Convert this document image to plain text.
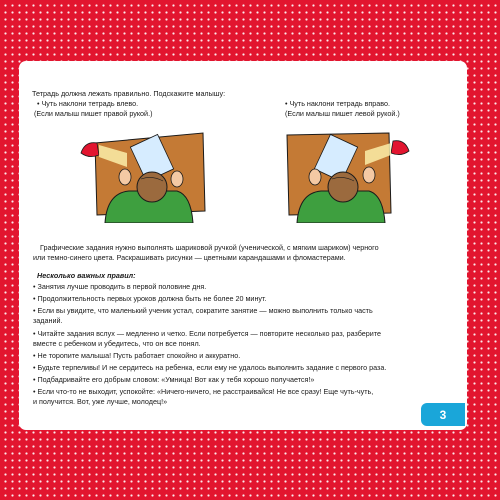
Тетрадь должна лежать правильно. Подскажите малышу:
• Чуть наклони тетрадь влево.
(Если малыш пишет правой рукой.)
• Чуть наклони тетрадь вправо.
(Если малыш пишет левой рукой.)
Графические задания нужно выполнять шариковой ручкой (ученической, с мягким шариком) черного
или темно-синего цвета. Раскрашивать рисунки — цветными карандашами и фломастерами.
Несколько важных правил:
• Занятия лучше проводить в первой половине дня.
• Продолжительность первых уроков должна быть не более 20 минут.
• Если вы увидите, что маленький ученик устал, сократите занятие — можно выполнить только часть
заданий.
• Читайте задания вслух — медленно и четко. Если потребуется — повторите несколько раз, разберите
вместе с ребенком и убедитесь, что он все понял.
• Не торопите малыша! Пусть работает спокойно и аккуратно.
• Будьте терпеливы! И не сердитесь на ребенка, если ему не удалось выполнить задание с первого раза.
• Подбадривайте его добрым словом: «Умница! Вот как у тебя хорошо получается!»
• Если что-то не выходит, успокойте: «Ничего-ничего, не расстраивайся! Не все сразу! Еще чуть-чуть,
и получится. Вот, уже лучше, молодец!»
3
